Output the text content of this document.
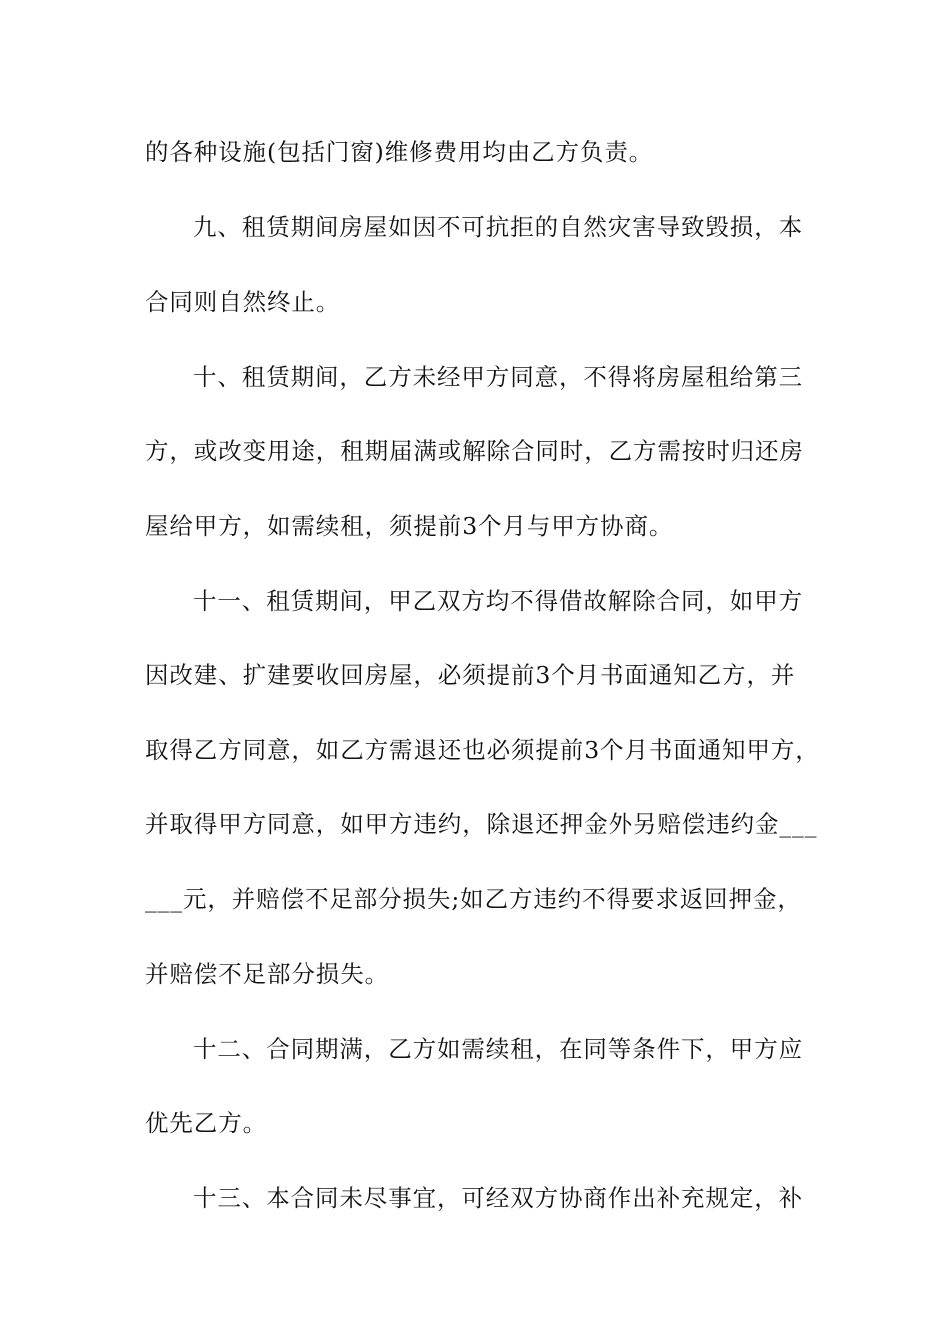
的各种设施(包括门窗)维修费用均由乙方负责。

九、租赁期间房屋如因不可抗拒的自然灾害导致毁损，本

合同则自然终止。

十、租赁期间，乙方未经甲方同意，不得将房屋租给第三

方，或改变用途，租期届满或解除合同时，乙方需按时归还房

屋给甲方，如需续租，须提前3个月与甲方协商。

十一、租赁期间，甲乙双方均不得借故解除合同，如甲方

因改建、扩建要收回房屋，必须提前3个月书面通知乙方，并

取得乙方同意，如乙方需退还也必须提前3个月书面通知甲方，

并取得甲方同意，如甲方违约，除退还押金外另赔偿违约金___

___元，并赔偿不足部分损失;如乙方违约不得要求返回押金，

并赔偿不足部分损失。

十二、合同期满，乙方如需续租，在同等条件下，甲方应

优先乙方。

十三、本合同未尽事宜，可经双方协商作出补充规定，补
